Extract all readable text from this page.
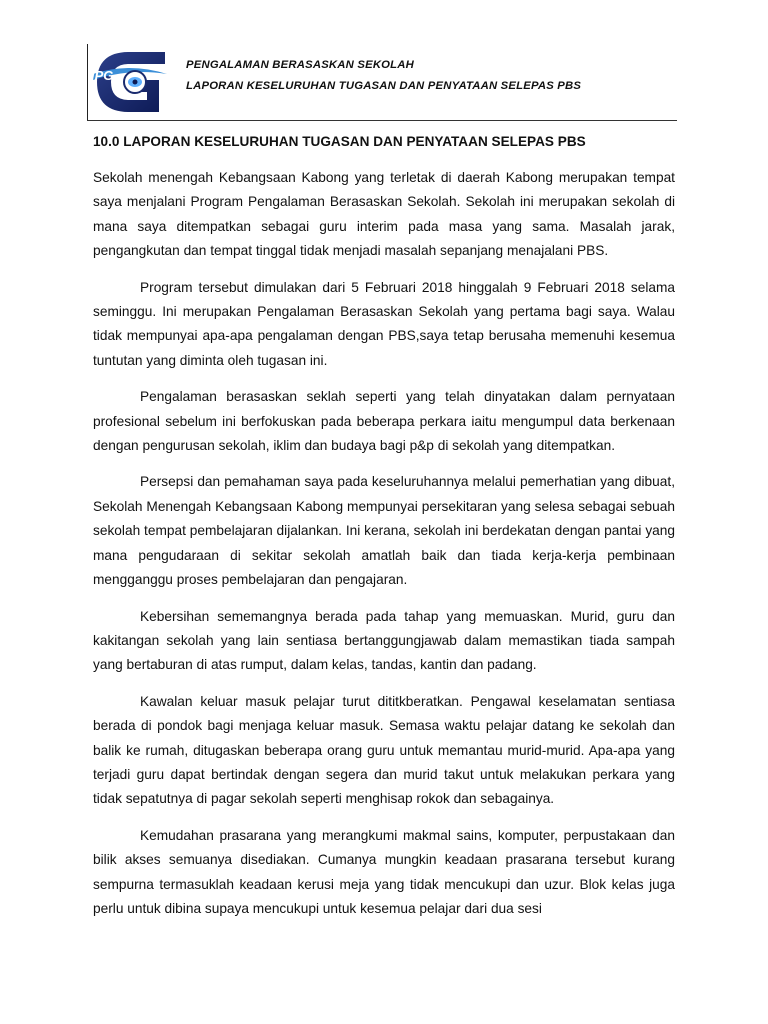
iPG
PENGALAMAN BERASASKAN SEKOLAH
LAPORAN KESELURUHAN TUGASAN DAN PENYATAAN SELEPAS PBS
10.0 LAPORAN KESELURUHAN TUGASAN DAN PENYATAAN SELEPAS PBS

Sekolah menengah Kebangsaan Kabong yang terletak di daerah Kabong merupakan tempat saya menjalani Program Pengalaman Berasaskan Sekolah. Sekolah ini merupakan sekolah di mana saya ditempatkan sebagai guru interim pada masa yang sama. Masalah jarak, pengangkutan dan tempat tinggal tidak menjadi masalah sepanjang menajalani PBS.

Program tersebut dimulakan dari 5 Februari 2018 hinggalah 9 Februari 2018 selama seminggu. Ini merupakan Pengalaman Berasaskan Sekolah yang pertama bagi saya. Walau tidak mempunyai apa-apa pengalaman dengan PBS,saya tetap berusaha memenuhi kesemua tuntutan yang diminta oleh tugasan ini.

Pengalaman berasaskan seklah seperti yang telah dinyatakan dalam pernyataan profesional sebelum ini berfokuskan pada beberapa perkara iaitu mengumpul data berkenaan dengan pengurusan sekolah, iklim dan budaya bagi p&p di sekolah yang ditempatkan.

Persepsi dan pemahaman saya pada keseluruhannya melalui pemerhatian yang dibuat, Sekolah Menengah Kebangsaan Kabong mempunyai persekitaran yang selesa sebagai sebuah sekolah tempat pembelajaran dijalankan. Ini kerana, sekolah ini berdekatan dengan pantai yang mana pengudaraan di sekitar sekolah amatlah baik dan tiada kerja-kerja pembinaan mengganggu proses pembelajaran dan pengajaran.

Kebersihan sememangnya berada pada tahap yang memuaskan. Murid, guru dan kakitangan sekolah yang lain sentiasa bertanggungjawab dalam memastikan tiada sampah yang bertaburan di atas rumput, dalam kelas, tandas, kantin dan padang.

Kawalan keluar masuk pelajar turut dititkberatkan. Pengawal keselamatan sentiasa berada di pondok bagi menjaga keluar masuk. Semasa waktu pelajar datang ke sekolah dan balik ke rumah, ditugaskan beberapa orang guru untuk memantau murid-murid. Apa-apa yang terjadi guru dapat bertindak dengan segera dan murid takut untuk melakukan perkara yang tidak sepatutnya di pagar sekolah seperti menghisap rokok dan sebagainya.

Kemudahan prasarana yang merangkumi makmal sains, komputer, perpustakaan dan bilik akses semuanya disediakan. Cumanya mungkin keadaan prasarana tersebut kurang sempurna termasuklah keadaan kerusi meja yang tidak mencukupi dan uzur. Blok kelas juga perlu untuk dibina supaya mencukupi untuk kesemua pelajar dari dua sesi
